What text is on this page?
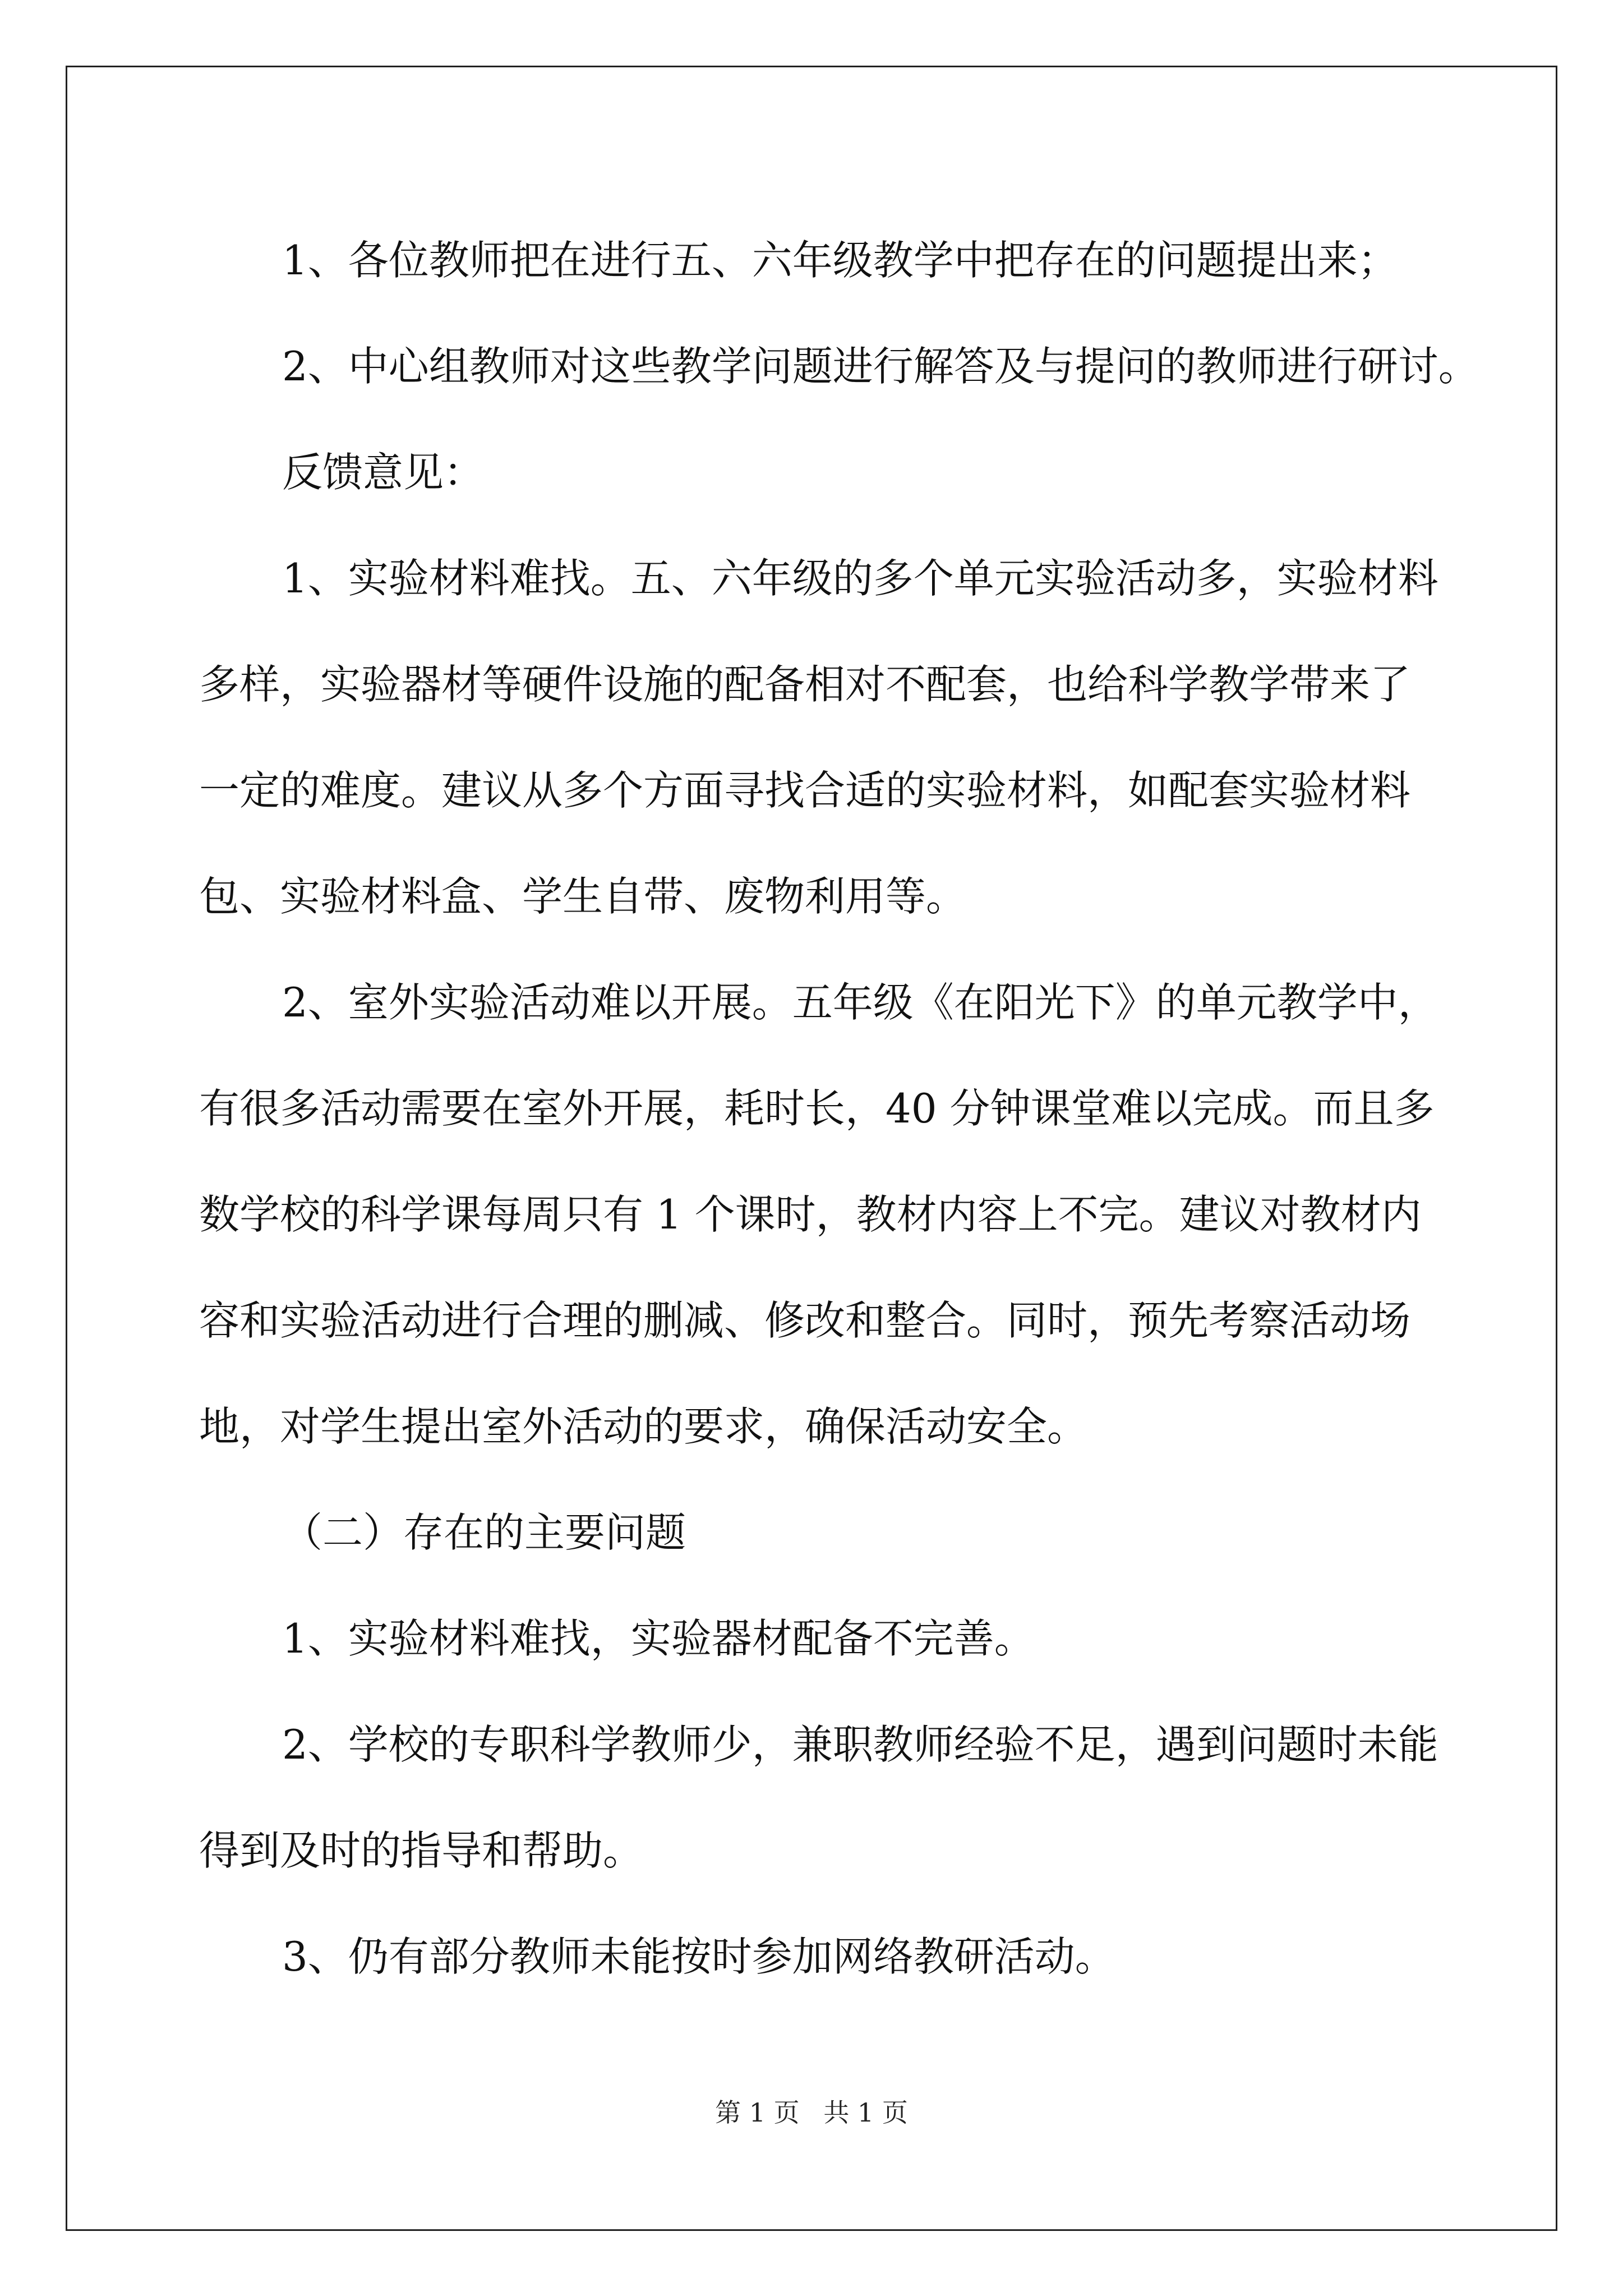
1、各位教师把在进行五、六年级教学中把存在的问题提出来；

2、中心组教师对这些教学问题进行解答及与提问的教师进行研讨。

反馈意见：

1、实验材料难找。五、六年级的多个单元实验活动多，实验材料

多样，实验器材等硬件设施的配备相对不配套，也给科学教学带来了

一定的难度。建议从多个方面寻找合适的实验材料，如配套实验材料

包、实验材料盒、学生自带、废物利用等。

2、室外实验活动难以开展。五年级《在阳光下》的单元教学中，

有很多活动需要在室外开展，耗时长，40 分钟课堂难以完成。而且多

数学校的科学课每周只有 1 个课时，教材内容上不完。建议对教材内

容和实验活动进行合理的删减、修改和整合。同时，预先考察活动场

地，对学生提出室外活动的要求，确保活动安全。

（二）存在的主要问题

1、实验材料难找，实验器材配备不完善。

2、学校的专职科学教师少，兼职教师经验不足，遇到问题时未能

得到及时的指导和帮助。

3、仍有部分教师未能按时参加网络教研活动。

第 1 页 共 1 页
